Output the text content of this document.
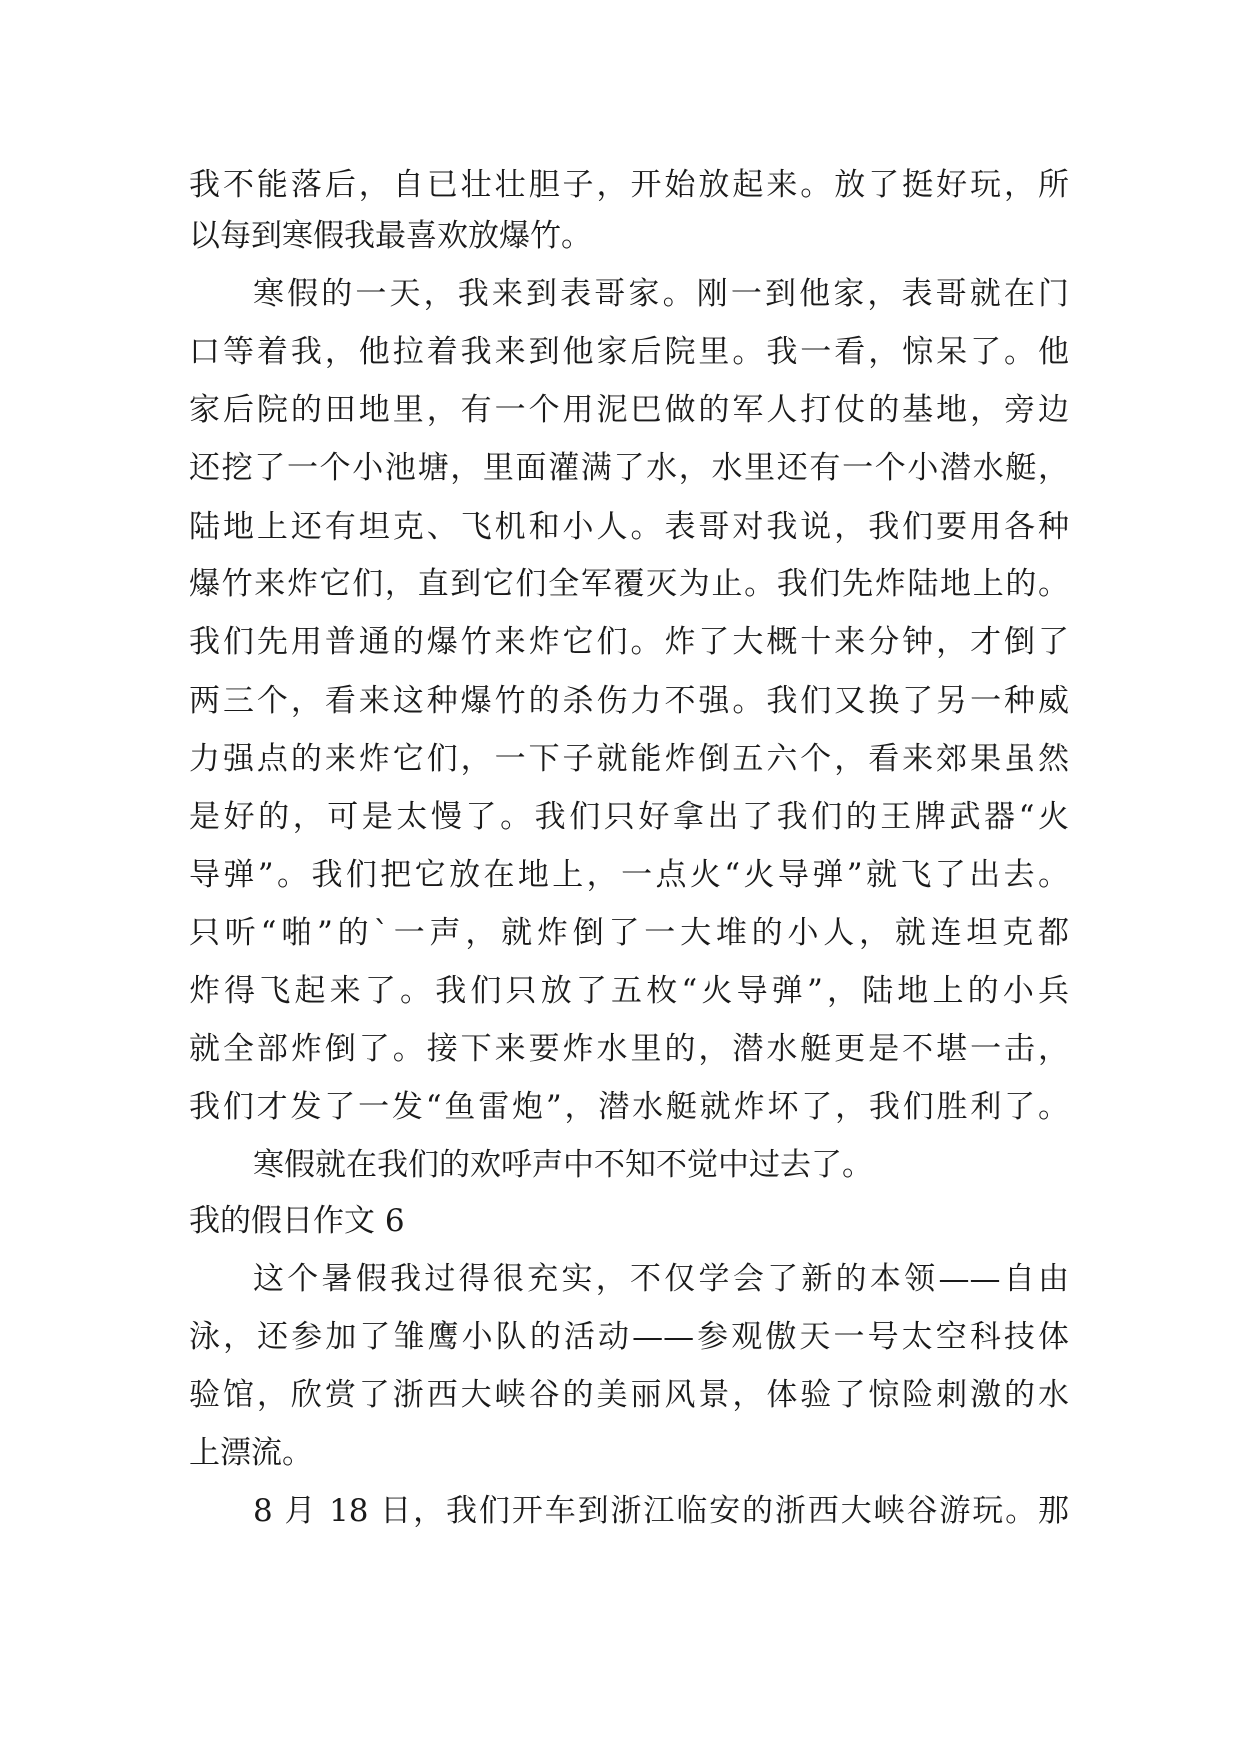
我不能落后，自已壮壮胆子，开始放起来。放了挺好玩，所
以每到寒假我最喜欢放爆竹。
寒假的一天，我来到表哥家。刚一到他家，表哥就在门
口等着我，他拉着我来到他家后院里。我一看，惊呆了。他
家后院的田地里，有一个用泥巴做的军人打仗的基地，旁边
还挖了一个小池塘，里面灌满了水，水里还有一个小潜水艇，
陆地上还有坦克、飞机和小人。表哥对我说，我们要用各种
爆竹来炸它们，直到它们全军覆灭为止。我们先炸陆地上的。
我们先用普通的爆竹来炸它们。炸了大概十来分钟，才倒了
两三个，看来这种爆竹的杀伤力不强。我们又换了另一种威
力强点的来炸它们，一下子就能炸倒五六个，看来郊果虽然
是好的，可是太慢了。我们只好拿出了我们的王牌武器“火
导弹”。我们把它放在地上，一点火“火导弹”就飞了出去。
只听“啪”的`一声，就炸倒了一大堆的小人，就连坦克都
炸得飞起来了。我们只放了五枚“火导弹”，陆地上的小兵
就全部炸倒了。接下来要炸水里的，潜水艇更是不堪一击，
我们才发了一发“鱼雷炮”，潜水艇就炸坏了，我们胜利了。
寒假就在我们的欢呼声中不知不觉中过去了。
我的假日作文 6
这个暑假我过得很充实，不仅学会了新的本领——自由
泳，还参加了雏鹰小队的活动——参观傲天一号太空科技体
验馆，欣赏了浙西大峡谷的美丽风景，体验了惊险刺激的水
上漂流。
8 月 18 日，我们开车到浙江临安的浙西大峡谷游玩。那
